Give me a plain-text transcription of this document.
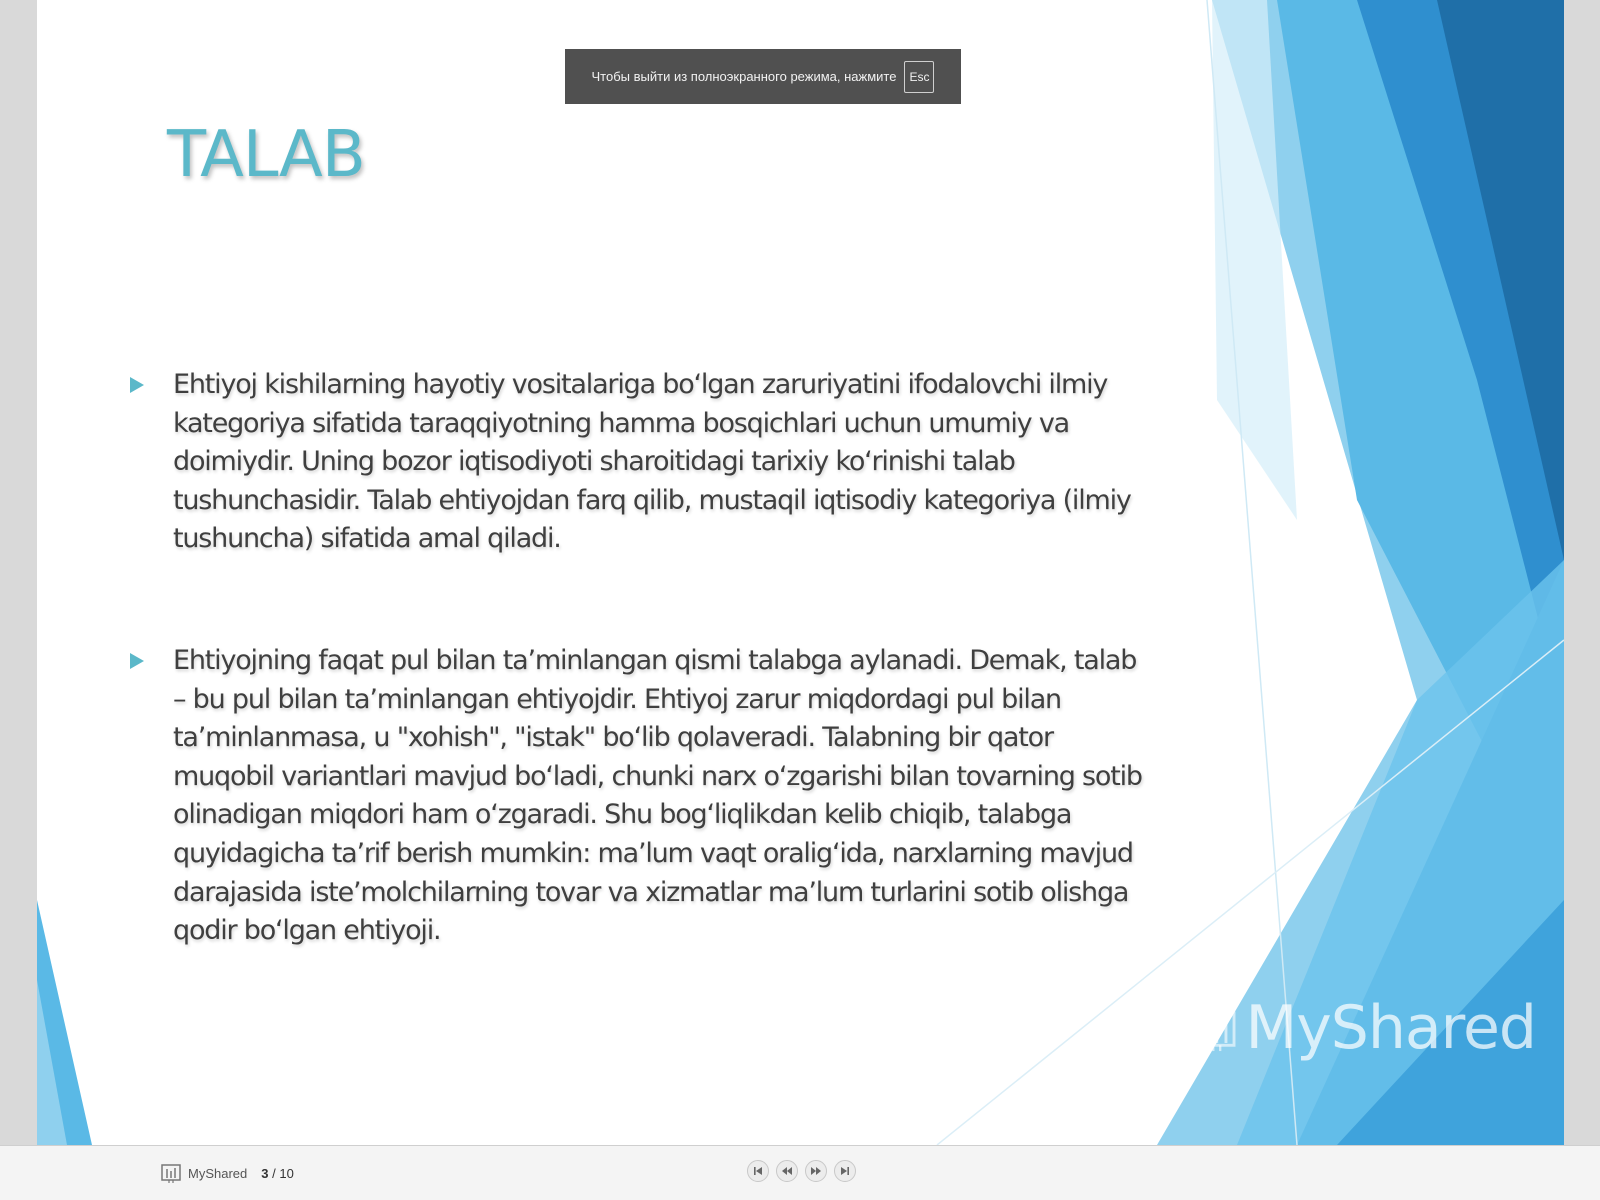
TALAB

Ehtiyoj kishilarning hayotiy vositalariga bo‘lgan zaruriyatini ifodalovchi ilmiy kategoriya sifatida taraqqiyotning hamma bosqichlari uchun umumiy va doimiydir. Uning bozor iqtisodiyoti sharoitidagi tarixiy ko‘rinishi talab tushunchasidir. Talab ehtiyojdan farq qilib, mustaqil iqtisodiy kategoriya (ilmiy tushuncha) sifatida amal qiladi.

Ehtiyojning faqat pul bilan ta’minlangan qismi talabga aylanadi. Demak, talab – bu pul bilan ta’minlangan ehtiyojdir. Ehtiyoj zarur miqdordagi pul bilan ta’minlanmasa, u "xohish", "istak" bo‘lib qolaveradi. Talabning bir qator muqobil variantlari mavjud bo‘ladi, chunki narx o‘zgarishi bilan tovarning sotib olinadigan miqdori ham o‘zgaradi. Shu bog‘liqlikdan kelib chiqib, talabga quyidagicha ta’rif berish mumkin: ma’lum vaqt oralig‘ida, narxlarning mavjud darajasida iste’molchilarning tovar va xizmatlar ma’lum turlarini sotib olishga qodir bo‘lgan ehtiyoji.

MyShared
Чтобы выйти из полноэкранного режима, нажмите	Esc
MyShared 3 / 10
